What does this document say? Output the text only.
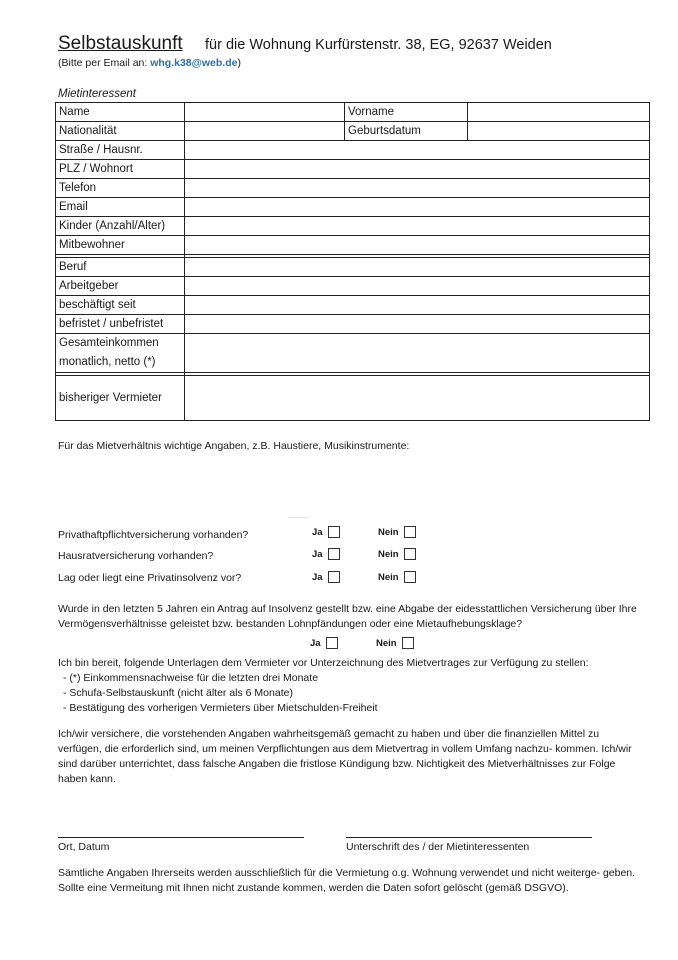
Selbstauskunft für die Wohnung Kurfürstenstr. 38, EG, 92637 Weiden
(Bitte per Email an: whg.k38@web.de)
Mietinteressent
Name		Vorname	
Nationalität		Geburtsdatum	
Straße / Hausnr.			
PLZ / Wohnort			
Telefon			
Email			
Kinder (Anzahl/Alter)			
Mitbewohner			

Beruf			
Arbeitgeber			
beschäftigt seit			
befristet / unbefristet			

Gesamteinkommen
monatlich, netto (*)			

bisheriger Vermieter			
Für das Mietverhältnis wichtige Angaben, z.B. Haustiere, Musikinstrumente:
Privathaftpflichtversicherung vorhanden?	Ja	Nein
Hausratversicherung vorhanden?	Ja	Nein
Lag oder liegt eine Privatinsolvenz vor?	Ja	Nein
Wurde in den letzten 5 Jahren ein Antrag auf Insolvenz gestellt bzw. eine Abgabe der eidesstattlichen Versicherung über Ihre Vermögensverhältnisse geleistet bzw. bestanden Lohnpfändungen oder eine Mietaufhebungsklage?
Ja	Nein
Ich bin bereit, folgende Unterlagen dem Vermieter vor Unterzeichnung des Mietvertrages zur Verfügung zu stellen:
- (*) Einkommensnachweise für die letzten drei Monate
- Schufa-Selbstauskunft (nicht älter als 6 Monate)
- Bestätigung des vorherigen Vermieters über Mietschulden-Freiheit
Ich/wir versichere, die vorstehenden Angaben wahrheitsgemäß gemacht zu haben und über die finanziellen Mittel zu verfügen, die erforderlich sind, um meinen Verpflichtungen aus dem Mietvertrag in vollem Umfang nachzu- kommen. Ich/wir sind darüber unterrichtet, dass falsche Angaben die fristlose Kündigung bzw. Nichtigkeit des Mietverhältnisses zur Folge haben kann.
Ort, Datum	Unterschrift des / der Mietinteressenten
Sämtliche Angaben Ihrerseits werden ausschließlich für die Vermietung o.g. Wohnung verwendet und nicht weiterge- geben. Sollte eine Vermeitung mit Ihnen nicht zustande kommen, werden die Daten sofort gelöscht (gemäß DSGVO).
